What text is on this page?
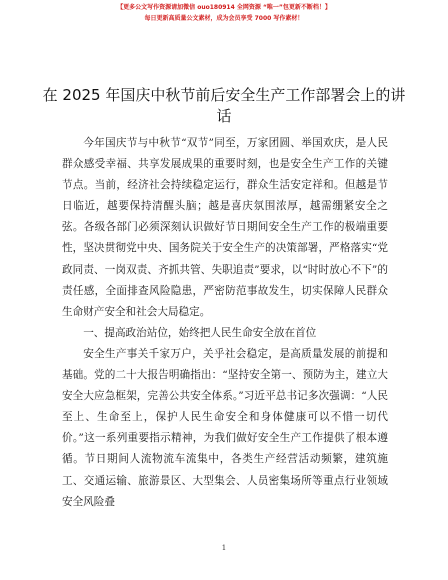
【更多公文写作资源请加微信 ouo180914 全网资源 “唯一”包更新不断档！】
每日更新高质量公文素材，成为会员享受 7000 写作素材！
在 2025 年国庆中秋节前后安全生产工作部署会上的讲话

今年国庆节与中秋节“双节”同至，万家团圆、举国欢庆，是人民群众感受幸福、共享发展成果的重要时刻，也是安全生产工作的关键节点。当前，经济社会持续稳定运行，群众生活安定祥和。但越是节日临近，越要保持清醒头脑；越是喜庆氛围浓厚，越需绷紧安全之弦。各级各部门必须深刻认识做好节日期间安全生产工作的极端重要性，坚决贯彻党中央、国务院关于安全生产的决策部署，严格落实“党政同责、一岗双责、齐抓共管、失职追责”要求，以“时时放心不下”的责任感，全面排查风险隐患，严密防范事故发生，切实保障人民群众生命财产安全和社会大局稳定。

一、提高政治站位，始终把人民生命安全放在首位

安全生产事关千家万户，关乎社会稳定，是高质量发展的前提和基础。党的二十大报告明确指出：“坚持安全第一、预防为主，建立大安全大应急框架，完善公共安全体系。”习近平总书记多次强调：“人民至上、生命至上，保护人民生命安全和身体健康可以不惜一切代价。”这一系列重要指示精神，为我们做好安全生产工作提供了根本遵循。节日期间人流物流车流集中，各类生产经营活动频繁，建筑施工、交通运输、旅游景区、大型集会、人员密集场所等重点行业领域安全风险叠

1
